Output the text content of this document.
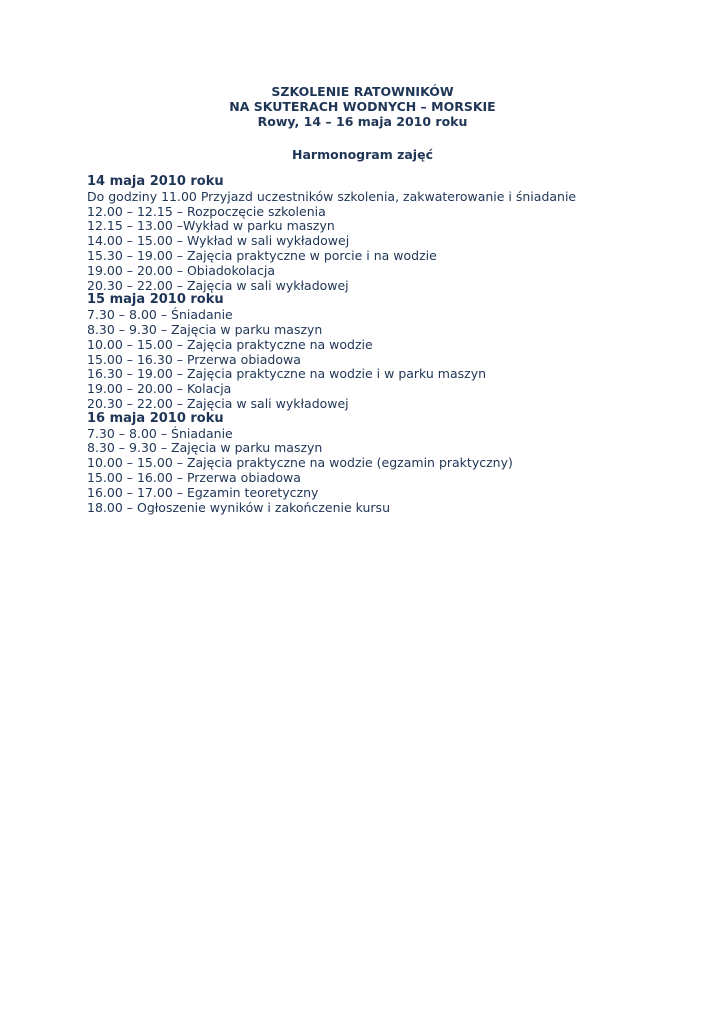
SZKOLENIE RATOWNIKÓW
NA SKUTERACH WODNYCH – MORSKIE
Rowy, 14 – 16 maja 2010 roku
Harmonogram zajęć
14 maja 2010 roku
Do godziny 11.00 Przyjazd uczestników szkolenia, zakwaterowanie i śniadanie
12.00 – 12.15 – Rozpoczęcie szkolenia
12.15 – 13.00 –Wykład w parku maszyn
14.00 – 15.00 – Wykład w sali wykładowej
15.30 – 19.00 – Zajęcia praktyczne w porcie i na wodzie
19.00 – 20.00 – Obiadokolacja
20.30 – 22.00 – Zajęcia w sali wykładowej
15 maja 2010 roku
7.30 – 8.00 – Śniadanie
8.30 – 9.30 – Zajęcia w parku maszyn
10.00 – 15.00 – Zajęcia praktyczne na wodzie
15.00 – 16.30 – Przerwa obiadowa
16.30 – 19.00 – Zajęcia praktyczne na wodzie i w parku maszyn
19.00 – 20.00 – Kolacja
20.30 – 22.00 – Zajęcia w sali wykładowej
16 maja 2010 roku
7.30 – 8.00 – Śniadanie
8.30 – 9.30 – Zajęcia w parku maszyn
10.00 – 15.00 – Zajęcia praktyczne na wodzie (egzamin praktyczny)
15.00 – 16.00 – Przerwa obiadowa
16.00 – 17.00 – Egzamin teoretyczny
18.00 – Ogłoszenie wyników i zakończenie kursu
